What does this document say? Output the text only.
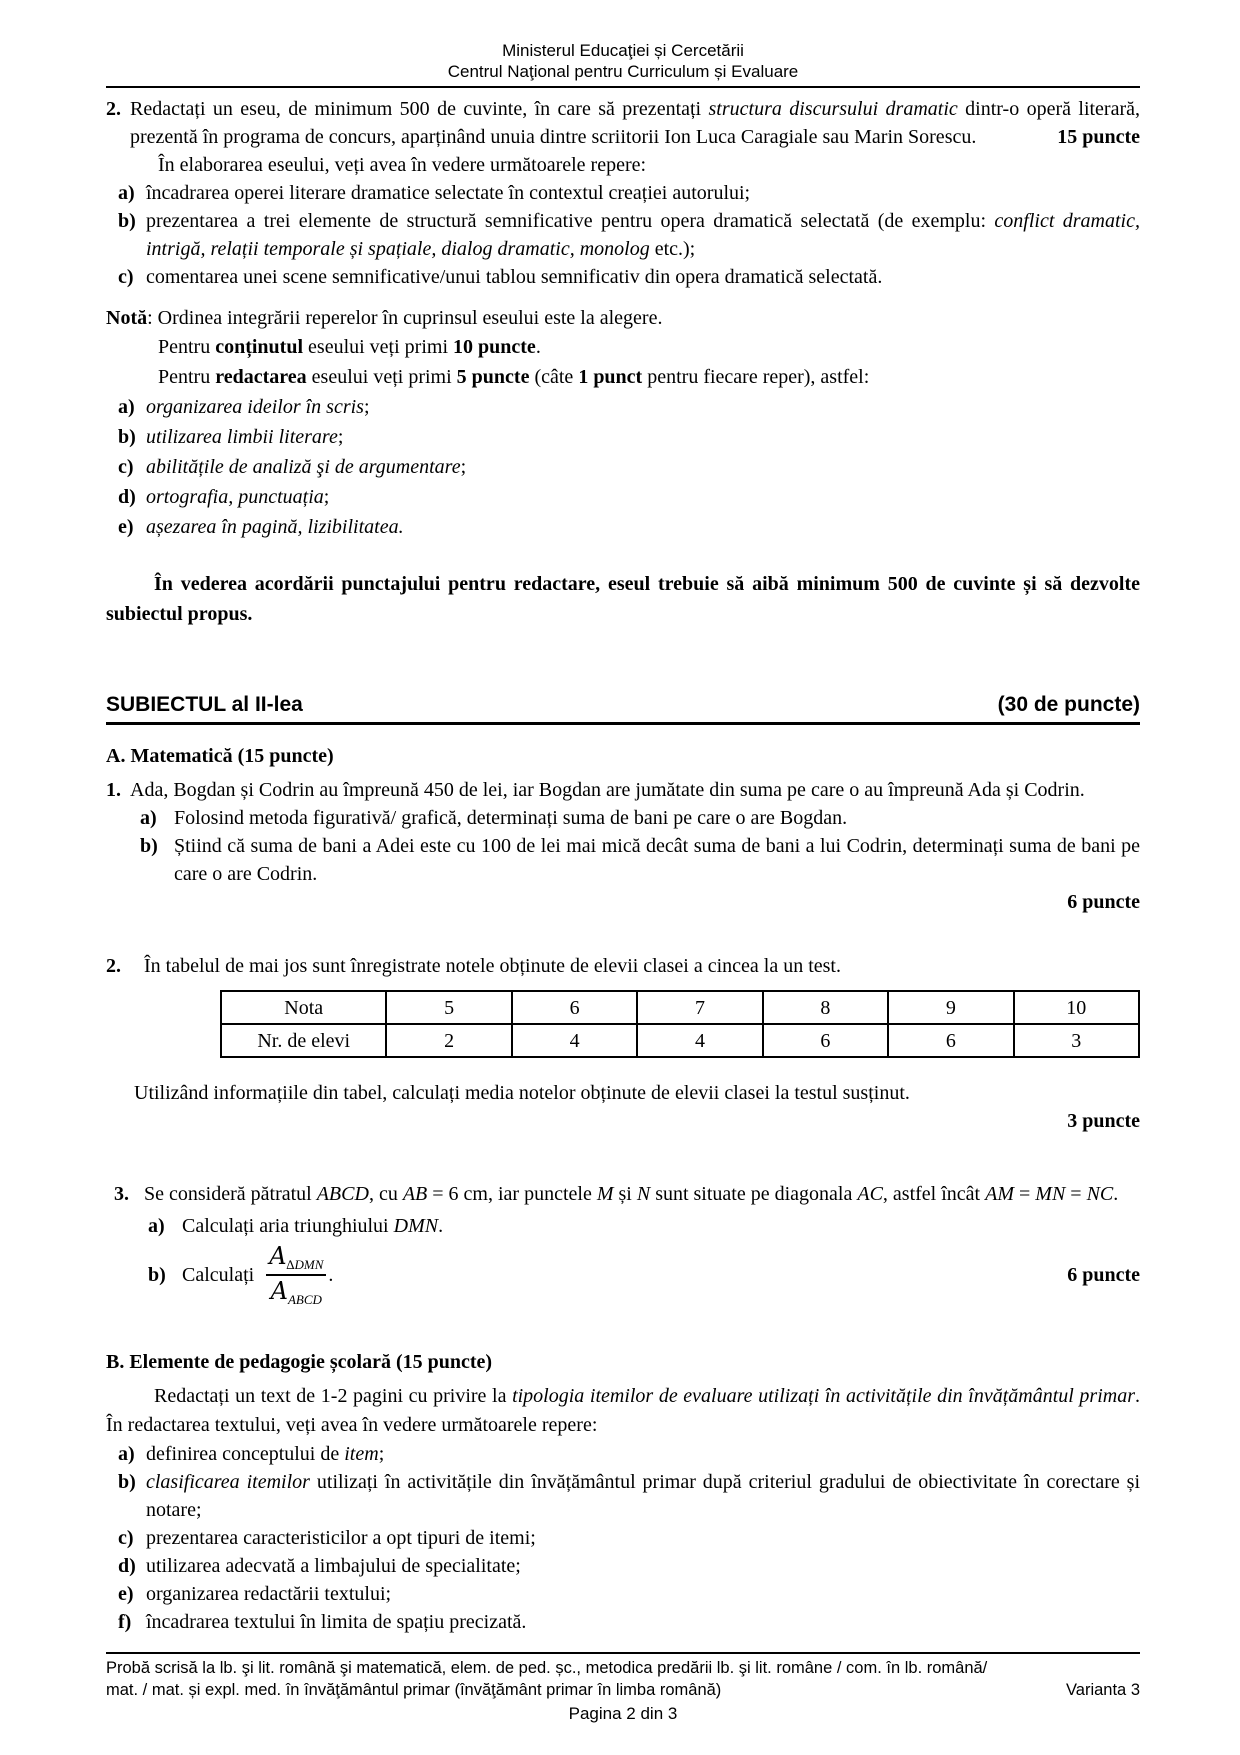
Ministerul Educaţiei și Cercetării
Centrul Naţional pentru Curriculum și Evaluare
2. Redactați un eseu, de minimum 500 de cuvinte, în care să prezentați structura discursului dramatic dintr-o operă literară, prezentă în programa de concurs, aparținând unuia dintre scriitorii Ion Luca Caragiale sau Marin Sorescu.	15 puncte
În elaborarea eseului, veți avea în vedere următoarele repere:
a) încadrarea operei literare dramatice selectate în contextul creației autorului;
b) prezentarea a trei elemente de structură semnificative pentru opera dramatică selectată (de exemplu: conflict dramatic, intrigă, relații temporale și spațiale, dialog dramatic, monolog etc.);
c) comentarea unei scene semnificative/unui tablou semnificativ din opera dramatică selectată.
Notă: Ordinea integrării reperelor în cuprinsul eseului este la alegere.
Pentru conținutul eseului veți primi 10 puncte.
Pentru redactarea eseului veți primi 5 puncte (câte 1 punct pentru fiecare reper), astfel:
a) organizarea ideilor în scris;
b) utilizarea limbii literare;
c) abilitățile de analiză şi de argumentare;
d) ortografia, punctuația;
e) așezarea în pagină, lizibilitatea.
În vederea acordării punctajului pentru redactare, eseul trebuie să aibă minimum 500 de cuvinte și să dezvolte subiectul propus.
SUBIECTUL al II-lea	(30 de puncte)
A. Matematică (15 puncte)
1. Ada, Bogdan și Codrin au împreună 450 de lei, iar Bogdan are jumătate din suma pe care o au împreună Ada și Codrin.
a) Folosind metoda figurativă/ grafică, determinați suma de bani pe care o are Bogdan.
b) Știind că suma de bani a Adei este cu 100 de lei mai mică decât suma de bani a lui Codrin, determinați suma de bani pe care o are Codrin.
6 puncte
2.	În tabelul de mai jos sunt înregistrate notele obținute de elevii clasei a cincea la un test.
Nota	5	6	7	8	9	10
Nr. de elevi	2	4	4	6	6	3
Utilizând informațiile din tabel, calculați media notelor obținute de elevii clasei la testul susținut.
3 puncte
3. Se consideră pătratul ABCD, cu AB = 6 cm, iar punctele M și N sunt situate pe diagonala AC, astfel încât AM = MN = NC.
a) Calculați aria triunghiului DMN.
b) Calculați $\frac{A_{\Delta DMN}}{A_{ABCD}}$ .	6 puncte
B. Elemente de pedagogie școlară (15 puncte)
Redactați un text de 1-2 pagini cu privire la tipologia itemilor de evaluare utilizați în activitățile din învățământul primar. În redactarea textului, veți avea în vedere următoarele repere:
a) definirea conceptului de item;
b) clasificarea itemilor utilizați în activitățile din învățământul primar după criteriul gradului de obiectivitate în corectare și notare;
c) prezentarea caracteristicilor a opt tipuri de itemi;
d) utilizarea adecvată a limbajului de specialitate;
e) organizarea redactării textului;
f) încadrarea textului în limita de spațiu precizată.
Probă scrisă la lb. şi lit. română şi matematică, elem. de ped. șc., metodica predării lb. şi lit. române / com. în lb. română/
mat. / mat. și expl. med. în învăţământul primar (învăţământ primar în limba română)	Varianta 3
Pagina 2 din 3
